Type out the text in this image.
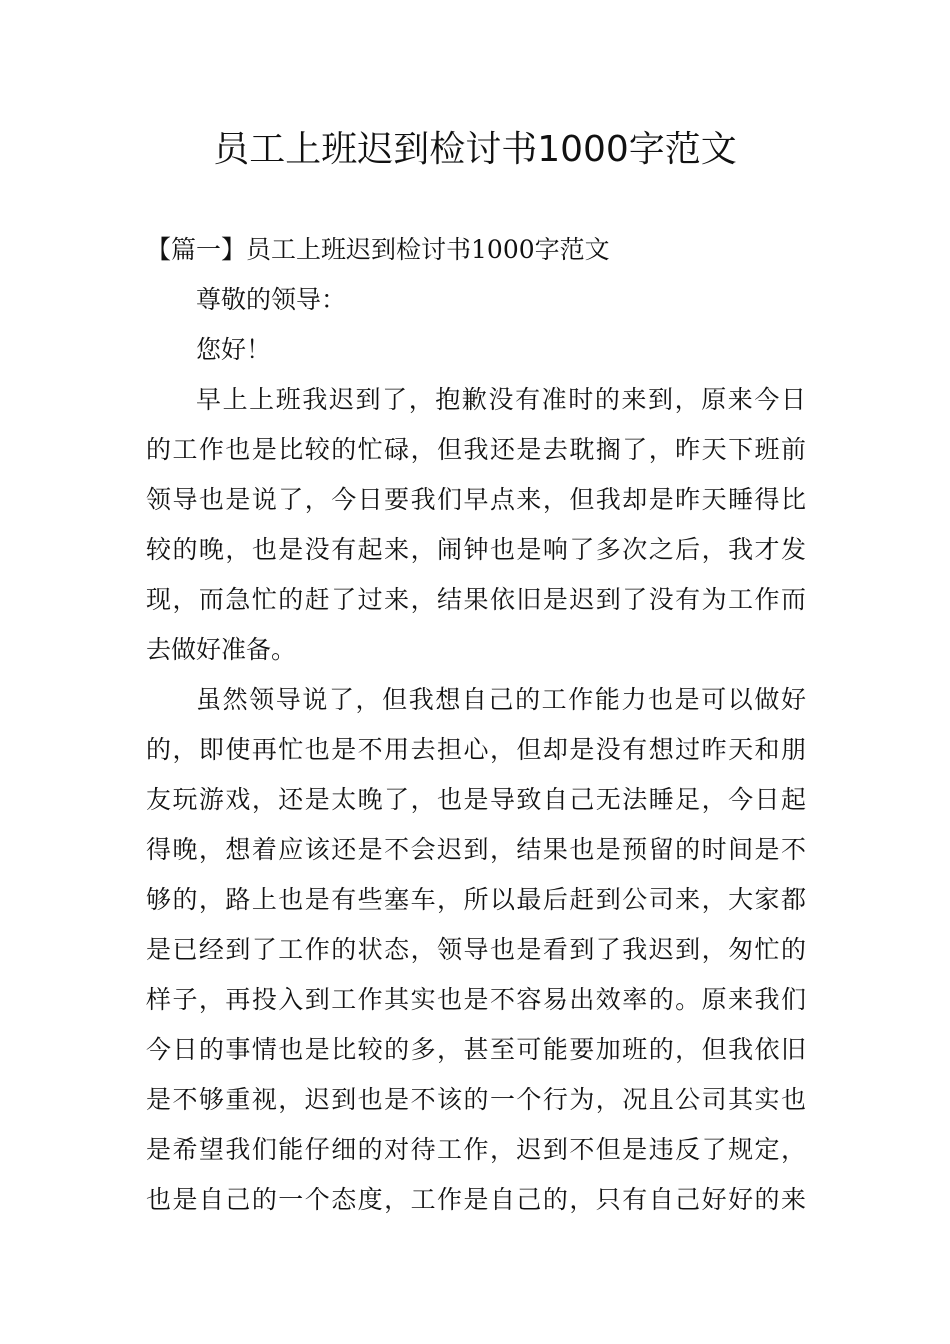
员工上班迟到检讨书1000字范文
【篇一】员工上班迟到检讨书1000字范文
尊敬的领导：
您好！
早上上班我迟到了，抱歉没有准时的来到，原来今日
的工作也是比较的忙碌，但我还是去耽搁了，昨天下班前
领导也是说了，今日要我们早点来，但我却是昨天睡得比
较的晚，也是没有起来，闹钟也是响了多次之后，我才发
现，而急忙的赶了过来，结果依旧是迟到了没有为工作而
去做好准备。
虽然领导说了，但我想自己的工作能力也是可以做好
的，即使再忙也是不用去担心，但却是没有想过昨天和朋
友玩游戏，还是太晚了，也是导致自己无法睡足，今日起
得晚，想着应该还是不会迟到，结果也是预留的时间是不
够的，路上也是有些塞车，所以最后赶到公司来，大家都
是已经到了工作的状态，领导也是看到了我迟到，匆忙的
样子，再投入到工作其实也是不容易出效率的。原来我们
今日的事情也是比较的多，甚至可能要加班的，但我依旧
是不够重视，迟到也是不该的一个行为，况且公司其实也
是希望我们能仔细的对待工作，迟到不但是违反了规定，
也是自己的一个态度，工作是自己的，只有自己好好的来
